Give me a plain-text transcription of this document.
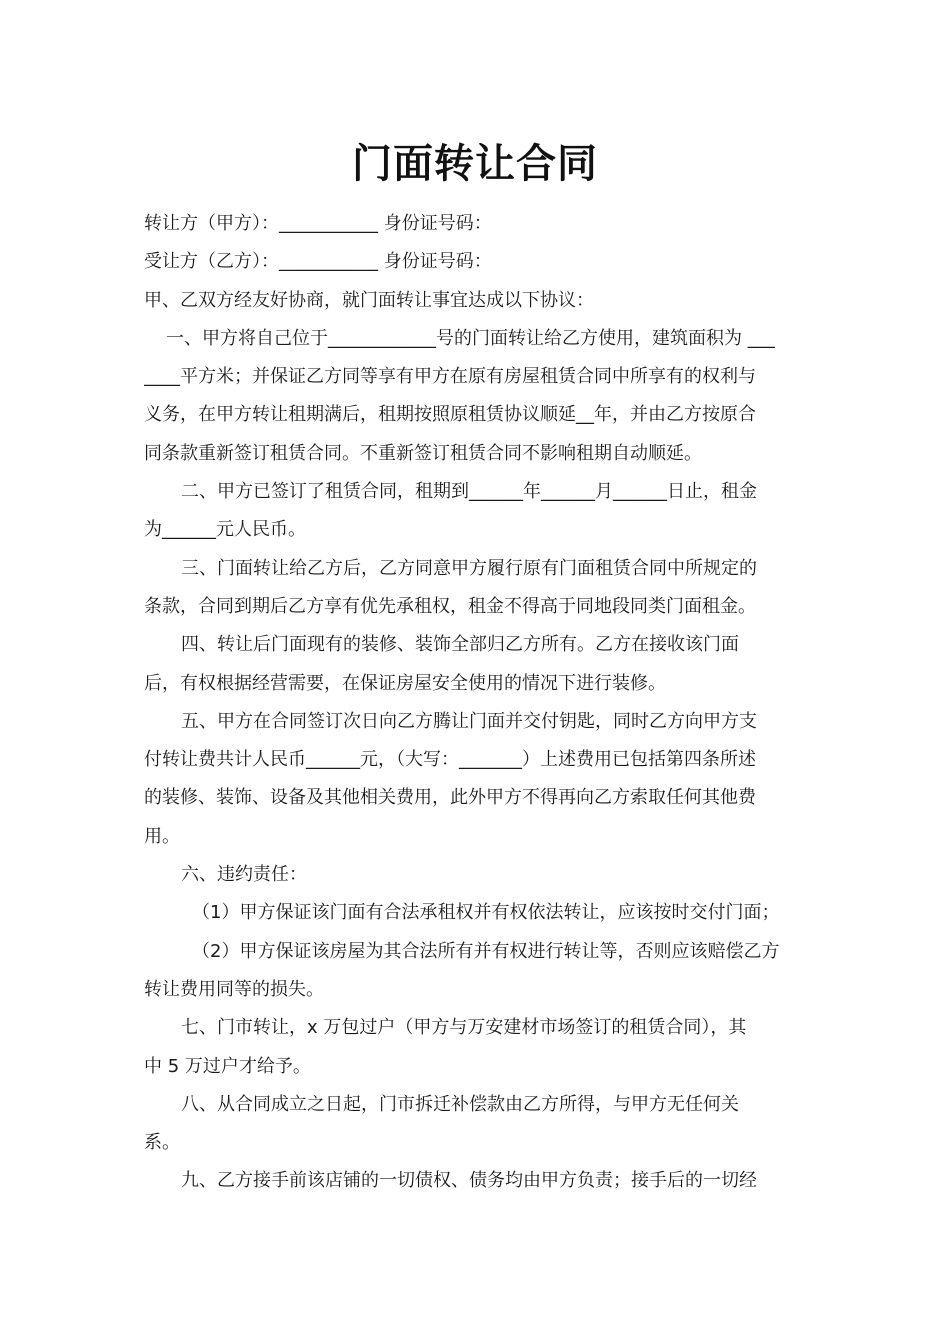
门面转让合同
转让方（甲方）：___________ 身份证号码：
受让方（乙方）：___________ 身份证号码：
甲、乙双方经友好协商，就门面转让事宜达成以下协议：
一、甲方将自己位于____________号的门面转让给乙方使用，建筑面积为 ___
____平方米；并保证乙方同等享有甲方在原有房屋租赁合同中所享有的权利与
义务，在甲方转让租期满后，租期按照原租赁协议顺延__年，并由乙方按原合
同条款重新签订租赁合同。不重新签订租赁合同不影响租期自动顺延。
二、甲方已签订了租赁合同，租期到______年______月______日止，租金
为______元人民币。
三、门面转让给乙方后，乙方同意甲方履行原有门面租赁合同中所规定的
条款，合同到期后乙方享有优先承租权，租金不得高于同地段同类门面租金。
四、转让后门面现有的装修、装饰全部归乙方所有。乙方在接收该门面
后，有权根据经营需要，在保证房屋安全使用的情况下进行装修。
五、甲方在合同签订次日向乙方腾让门面并交付钥匙，同时乙方向甲方支
付转让费共计人民币______元，（大写：_______）上述费用已包括第四条所述
的装修、装饰、设备及其他相关费用，此外甲方不得再向乙方索取任何其他费
用。
六、违约责任：
（1）甲方保证该门面有合法承租权并有权依法转让，应该按时交付门面；
（2）甲方保证该房屋为其合法所有并有权进行转让等，否则应该赔偿乙方
转让费用同等的损失。
七、门市转让，x 万包过户（甲方与万安建材市场签订的租赁合同），其
中 5 万过户才给予。
八、从合同成立之日起，门市拆迁补偿款由乙方所得，与甲方无任何关
系。
九、乙方接手前该店铺的一切债权、债务均由甲方负责；接手后的一切经
